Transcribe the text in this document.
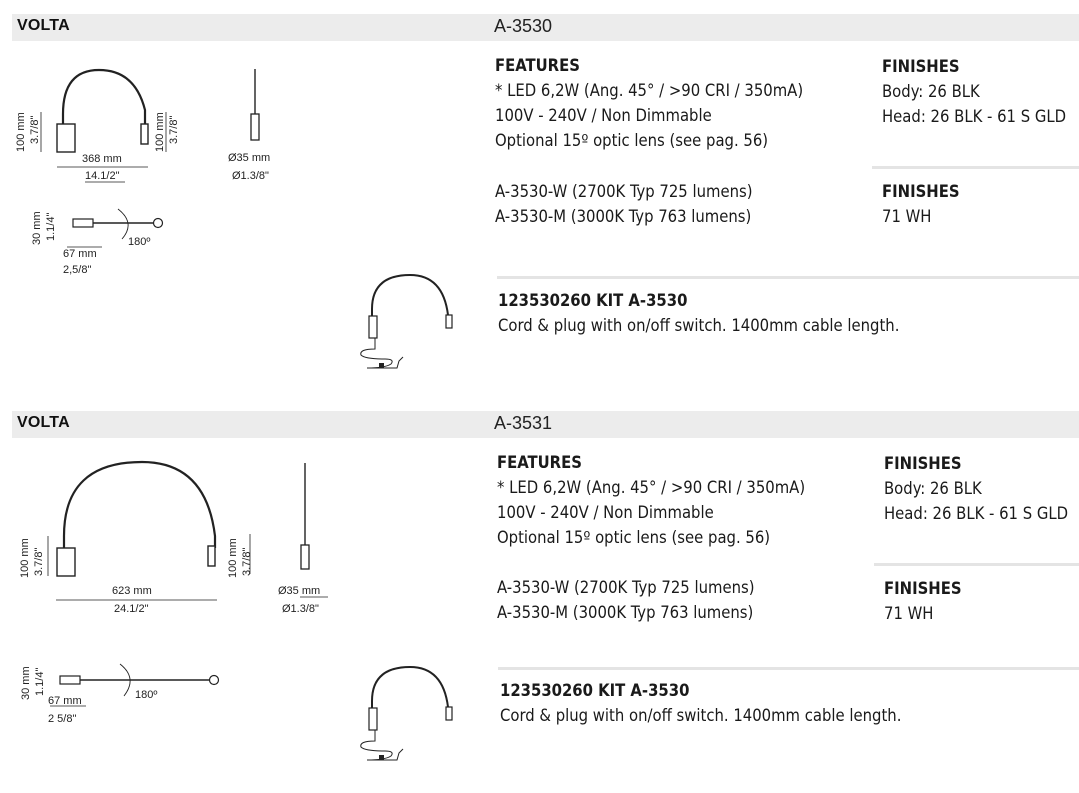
VOLTA	A-3530
100 mm 3.7/8"	100 mm 3.7/8"
368 mm
14.1/2"
Ø35 mm
Ø1.3/8"
30 mm 1.1/4"
180º
67 mm
2,5/8"
FEATURES
* LED 6,2W (Ang. 45° / >90 CRI / 350mA)
100V - 240V / Non Dimmable
Optional 15º optic lens (see pag. 56)
A-3530-W (2700K Typ 725 lumens)
A-3530-M (3000K Typ 763 lumens)
FINISHES
Body: 26 BLK
Head: 26 BLK - 61 S GLD
FINISHES
71 WH
123530260 KIT A-3530
Cord & plug with on/off switch. 1400mm cable length.
VOLTA	A-3531
100 mm 3.7/8"	100 mm 3.7/8"
623 mm
24.1/2"
Ø35 mm
Ø1.3/8"
30 mm 1.1/4"	180º
67 mm
2 5/8"
FEATURES
* LED 6,2W (Ang. 45° / >90 CRI / 350mA)
100V - 240V / Non Dimmable
Optional 15º optic lens (see pag. 56)
A-3530-W (2700K Typ 725 lumens)
A-3530-M (3000K Typ 763 lumens)
FINISHES
Body: 26 BLK
Head: 26 BLK - 61 S GLD
FINISHES
71 WH
123530260 KIT A-3530
Cord & plug with on/off switch. 1400mm cable length.
